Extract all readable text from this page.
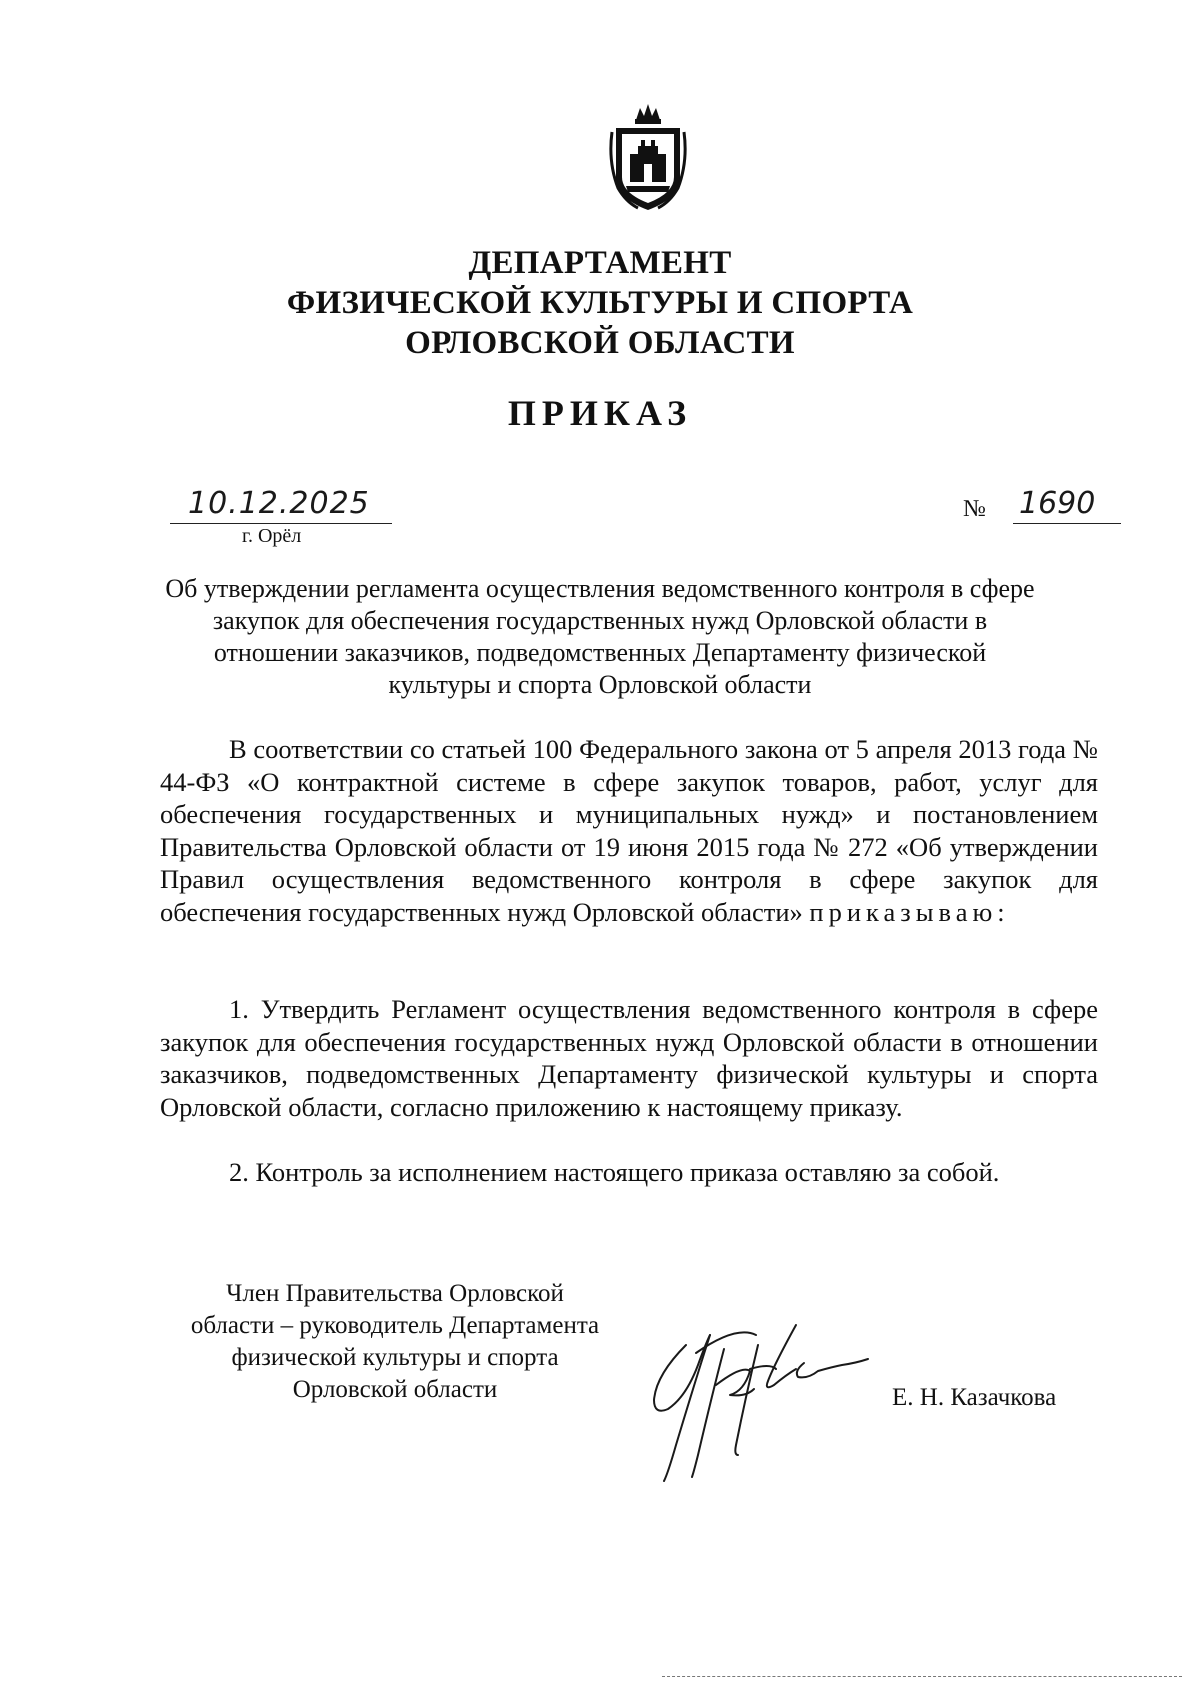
ДЕПАРТАМЕНТ
ФИЗИЧЕСКОЙ КУЛЬТУРЫ И СПОРТА
ОРЛОВСКОЙ ОБЛАСТИ
ПРИКАЗ
10.12.2025
г. Орёл
№ 1690
Об утверждении регламента осуществления ведомственного контроля в сфере закупок для обеспечения государственных нужд Орловской области в отношении заказчиков, подведомственных Департаменту физической культуры и спорта Орловской области
В соответствии со статьей 100 Федерального закона от 5 апреля 2013 года № 44-ФЗ «О контрактной системе в сфере закупок товаров, работ, услуг для обеспечения государственных и муниципальных нужд» и постановлением Правительства Орловской области от 19 июня 2015 года № 272 «Об утверждении Правил осуществления ведомственного контроля в сфере закупок для обеспечения государственных нужд Орловской области» приказываю:
1. Утвердить Регламент осуществления ведомственного контроля в сфере закупок для обеспечения государственных нужд Орловской области в отношении заказчиков, подведомственных Департаменту физической культуры и спорта Орловской области, согласно приложению к настоящему приказу.
2. Контроль за исполнением настоящего приказа оставляю за собой.
Член Правительства Орловской
области – руководитель Департамента
физической культуры и спорта
Орловской области	Е. Н. Казачкова
